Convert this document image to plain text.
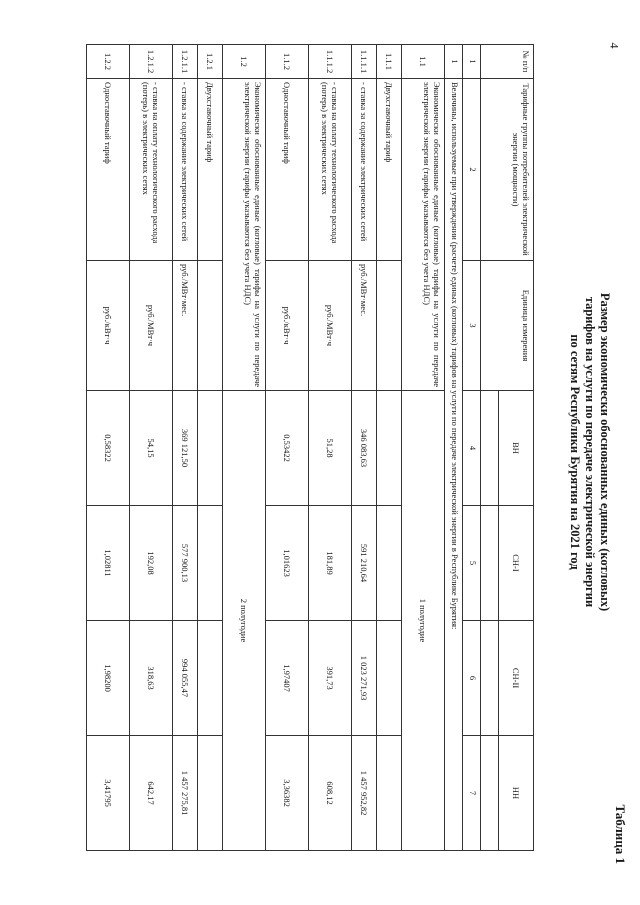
4
Таблица 1
Размер экономически обоснованных единых (котловых)
тарифов на услуги по передаче электрической энергии
по сетям Республики Бурятия на 2021 год
№ п/п	Тарифные группы потребителей электрической энергии (мощности)	Единица измерения	ВН	СН-I	СН-II	НН

1	2	3	4	5	6	7
1	Величины, используемые при утверждении (расчете) единых (котловых) тарифов на услуги по передаче электрической энергии в Республике Бурятия:					
1.1	Экономически обоснованные единые (котловые) тарифы на услуги по передаче электрической энергии (тарифы указываются без учета НДС)		1 полугодие			
1.1.1	Двухставочный тариф					
1.1.1.1	- ставка за содержание электрических сетей	руб./МВт·мес.	346 083,63	591 210,64	1 023 271,93	1 457 952,82
1.1.1.2	- ставка на оплату технологического расхода (потерь) в электрических сетях	руб./МВт·ч	51,28	181,89	391,73	608,12
1.1.2	Одноставочный тариф	руб./кВт·ч	0,53422	1,01623	1,97407	3,36382
1.2	Экономически обоснованные единые (котловые) тарифы на услуги по передаче электрической энергии (тарифы указываются без учета НДС)		2 полугодие			
1.2.1	Двухставочный тариф					
1.2.1.1	- ставка за содержание электрических сетей	руб./МВт·мес.	369 121,50	577 900,13	994 055,47	1 457 275,81
1.2.1.2	- ставка на оплату технологического расхода (потерь) в электрических сетях	руб./МВт·ч	54,15	192,08	318,63	642,17
1.2.2	Одноставочный тариф	руб./кВт·ч	0,58322	1,02811	1,98200	3,41795
